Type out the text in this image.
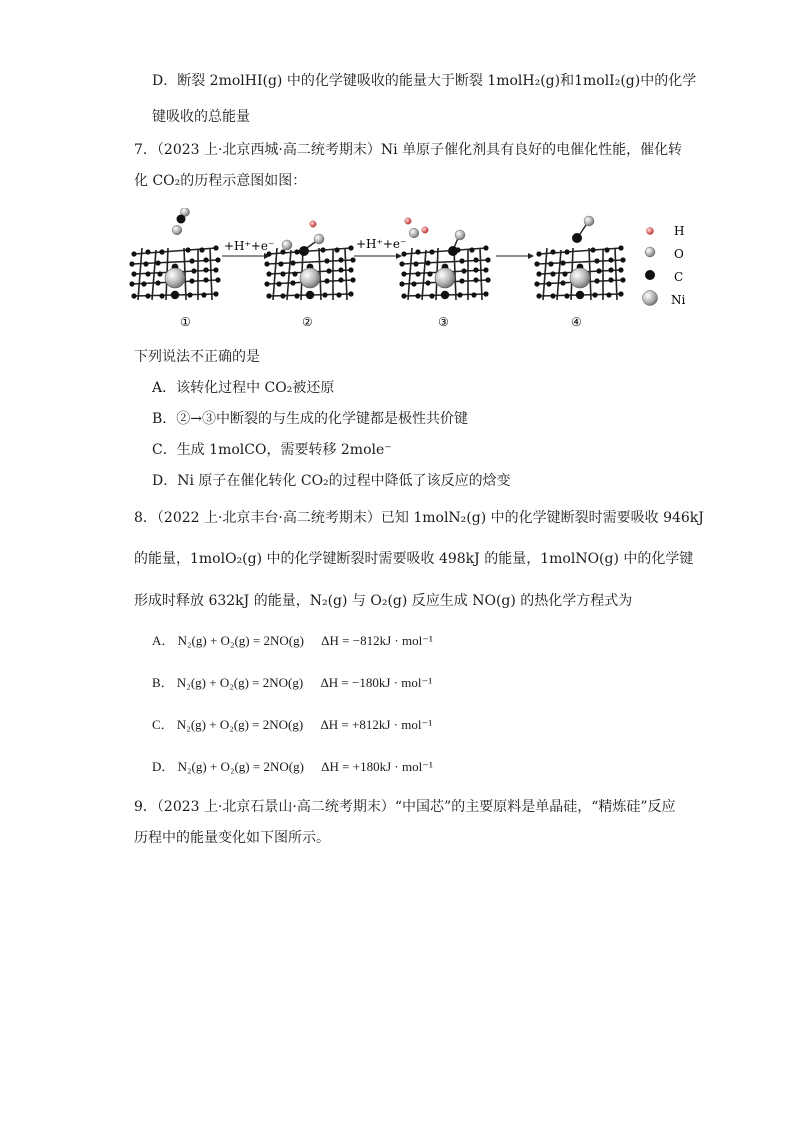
D．断裂 2molHI(g) 中的化学键吸收的能量大于断裂 1molH₂(g)和1molI₂(g)中的化学
键吸收的总能量
7．（2023 上·北京西城·高二统考期末）Ni 单原子催化剂具有良好的电催化性能，催化转
化 CO₂的历程示意图如图：
+H⁺+e⁻	+H⁺+e⁻
①	②	③	④
H
O
C
Ni
下列说法不正确的是
A．该转化过程中 CO₂被还原
B．②→③中断裂的与生成的化学键都是极性共价键
C．生成 1molCO，需要转移 2mole⁻
D．Ni 原子在催化转化 CO₂的过程中降低了该反应的焓变
8．（2022 上·北京丰台·高二统考期末）已知 1molN₂(g) 中的化学键断裂时需要吸收 946kJ
的能量，1molO₂(g) 中的化学键断裂时需要吸收 498kJ 的能量，1molNO(g) 中的化学键
形成时释放 632kJ 的能量，N₂(g) 与 O₂(g) 反应生成 NO(g) 的热化学方程式为
A． N₂(g) + O₂(g) = 2NO(g) ΔH = −812kJ · mol⁻¹
B． N₂(g) + O₂(g) = 2NO(g) ΔH = −180kJ · mol⁻¹
C． N₂(g) + O₂(g) = 2NO(g) ΔH = +812kJ · mol⁻¹
D． N₂(g) + O₂(g) = 2NO(g) ΔH = +180kJ · mol⁻¹
9．（2023 上·北京石景山·高二统考期末）“中国芯”的主要原料是单晶硅，“精炼硅”反应
历程中的能量变化如下图所示。
